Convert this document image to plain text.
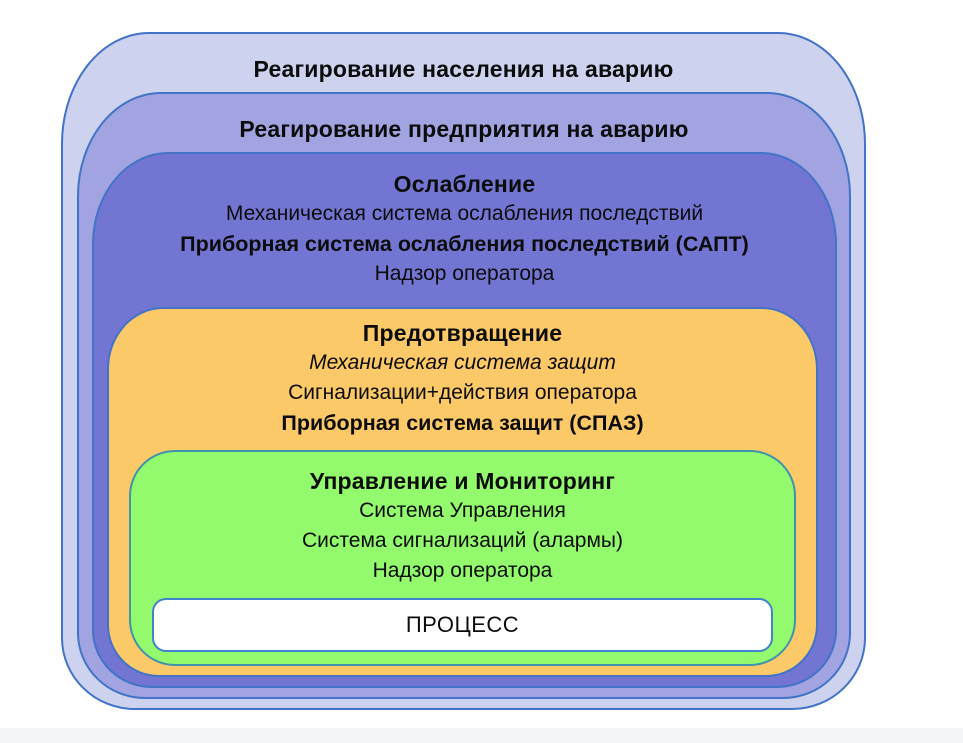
Реагирование населения на аварию
Реагирование предприятия на аварию
Ослабление
Механическая система ослабления последствий
Приборная система ослабления последствий (САПТ)
Надзор оператора
Предотвращение
Механическая система защит
Сигнализации+действия оператора
Приборная система защит (СПАЗ)
Управление и Мониторинг
Система Управления
Система сигнализаций (алармы)
Надзор оператора
ПРОЦЕСС
